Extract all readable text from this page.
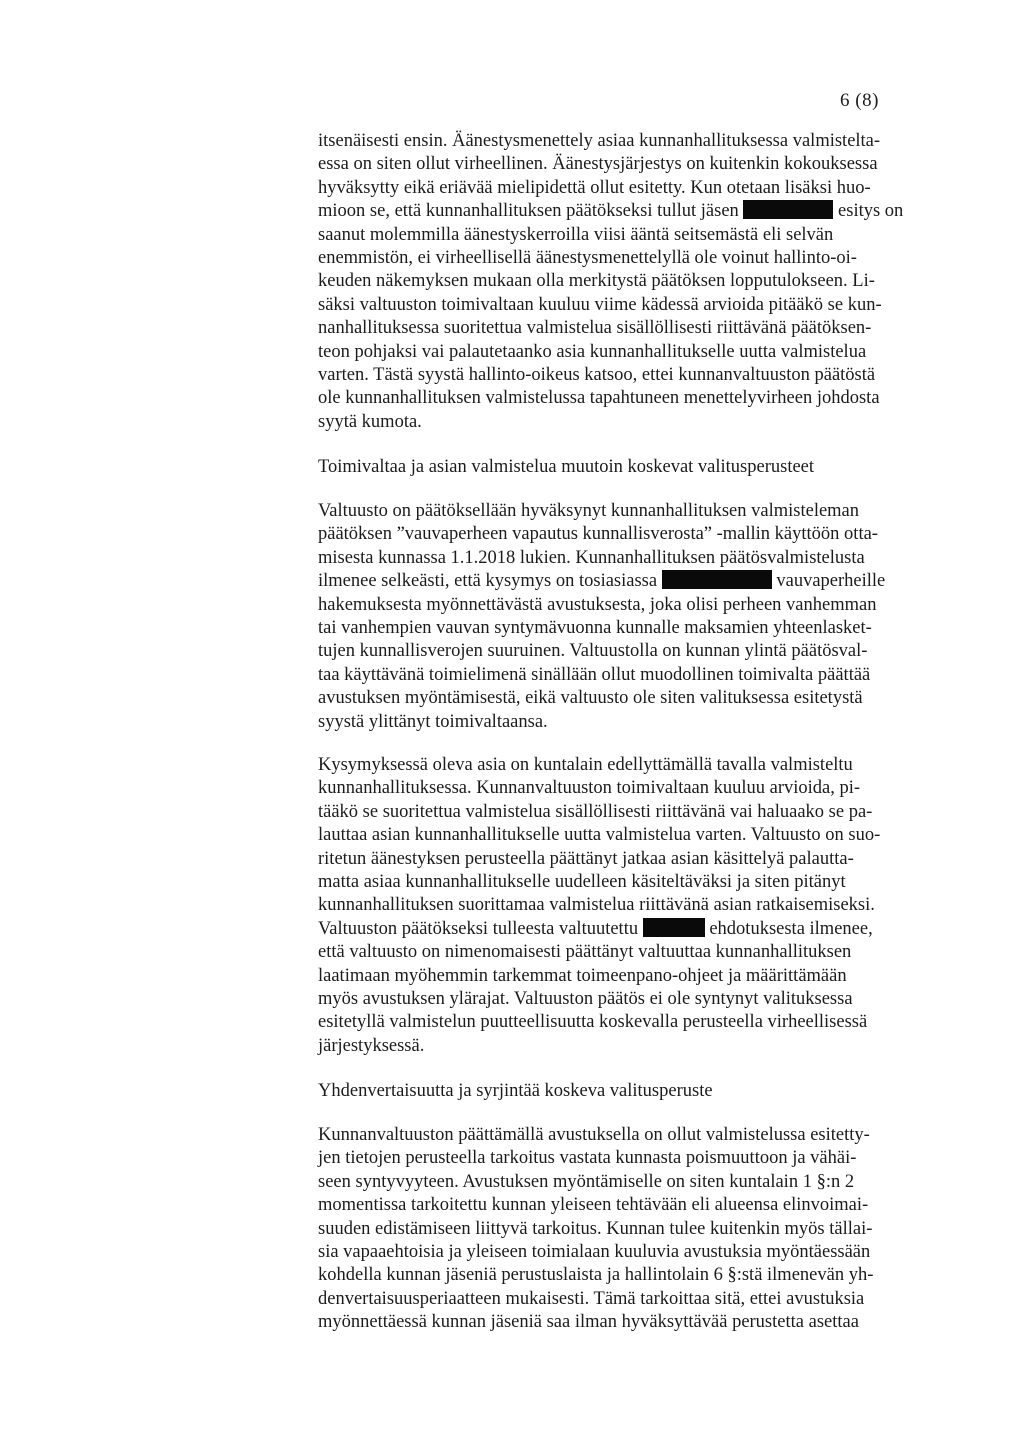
6 (8)
itsenäisesti ensin. Äänestysmenettely asiaa kunnanhallituksessa valmistelta-
essa on siten ollut virheellinen. Äänestysjärjestys on kuitenkin kokouksessa
hyväksytty eikä eriävää mielipidettä ollut esitetty. Kun otetaan lisäksi huo-
mioon se, että kunnanhallituksen päätökseksi tullut jäsen	esitys on
saanut molemmilla äänestyskerroilla viisi ääntä seitsemästä eli selvän
enemmistön, ei virheellisellä äänestysmenettelyllä ole voinut hallinto-oi-
keuden näkemyksen mukaan olla merkitystä päätöksen lopputulokseen. Li-
säksi valtuuston toimivaltaan kuuluu viime kädessä arvioida pitääkö se kun-
nanhallituksessa suoritettua valmistelua sisällöllisesti riittävänä päätöksen-
teon pohjaksi vai palautetaanko asia kunnanhallitukselle uutta valmistelua
varten. Tästä syystä hallinto-oikeus katsoo, ettei kunnanvaltuuston päätöstä
ole kunnanhallituksen valmistelussa tapahtuneen menettelyvirheen johdosta
syytä kumota.
Toimivaltaa ja asian valmistelua muutoin koskevat valitusperusteet
Valtuusto on päätöksellään hyväksynyt kunnanhallituksen valmisteleman
päätöksen ”vauvaperheen vapautus kunnallisverosta” -mallin käyttöön otta-
misesta kunnassa 1.1.2018 lukien. Kunnanhallituksen päätösvalmistelusta
ilmenee selkeästi, että kysymys on tosiasiassa	vauvaperheille
hakemuksesta myönnettävästä avustuksesta, joka olisi perheen vanhemman
tai vanhempien vauvan syntymävuonna kunnalle maksamien yhteenlasket-
tujen kunnallisverojen suuruinen. Valtuustolla on kunnan ylintä päätösval-
taa käyttävänä toimielimenä sinällään ollut muodollinen toimivalta päättää
avustuksen myöntämisestä, eikä valtuusto ole siten valituksessa esitetystä
syystä ylittänyt toimivaltaansa.
Kysymyksessä oleva asia on kuntalain edellyttämällä tavalla valmisteltu
kunnanhallituksessa. Kunnanvaltuuston toimivaltaan kuuluu arvioida, pi-
tääkö se suoritettua valmistelua sisällöllisesti riittävänä vai haluaako se pa-
lauttaa asian kunnanhallitukselle uutta valmistelua varten. Valtuusto on suo-
ritetun äänestyksen perusteella päättänyt jatkaa asian käsittelyä palautta-
matta asiaa kunnanhallitukselle uudelleen käsiteltäväksi ja siten pitänyt
kunnanhallituksen suorittamaa valmistelua riittävänä asian ratkaisemiseksi.
Valtuuston päätökseksi tulleesta valtuutettu	ehdotuksesta ilmenee,
että valtuusto on nimenomaisesti päättänyt valtuuttaa kunnanhallituksen
laatimaan myöhemmin tarkemmat toimeenpano-ohjeet ja määrittämään
myös avustuksen ylärajat. Valtuuston päätös ei ole syntynyt valituksessa
esitetyllä valmistelun puutteellisuutta koskevalla perusteella virheellisessä
järjestyksessä.
Yhdenvertaisuutta ja syrjintää koskeva valitusperuste
Kunnanvaltuuston päättämällä avustuksella on ollut valmistelussa esitetty-
jen tietojen perusteella tarkoitus vastata kunnasta poismuuttoon ja vähäi-
seen syntyvyyteen. Avustuksen myöntämiselle on siten kuntalain 1 §:n 2
momentissa tarkoitettu kunnan yleiseen tehtävään eli alueensa elinvoimai-
suuden edistämiseen liittyvä tarkoitus. Kunnan tulee kuitenkin myös tällai-
sia vapaaehtoisia ja yleiseen toimialaan kuuluvia avustuksia myöntäessään
kohdella kunnan jäseniä perustuslaista ja hallintolain 6 §:stä ilmenevän yh-
denvertaisuusperiaatteen mukaisesti. Tämä tarkoittaa sitä, ettei avustuksia
myönnettäessä kunnan jäseniä saa ilman hyväksyttävää perustetta asettaa
